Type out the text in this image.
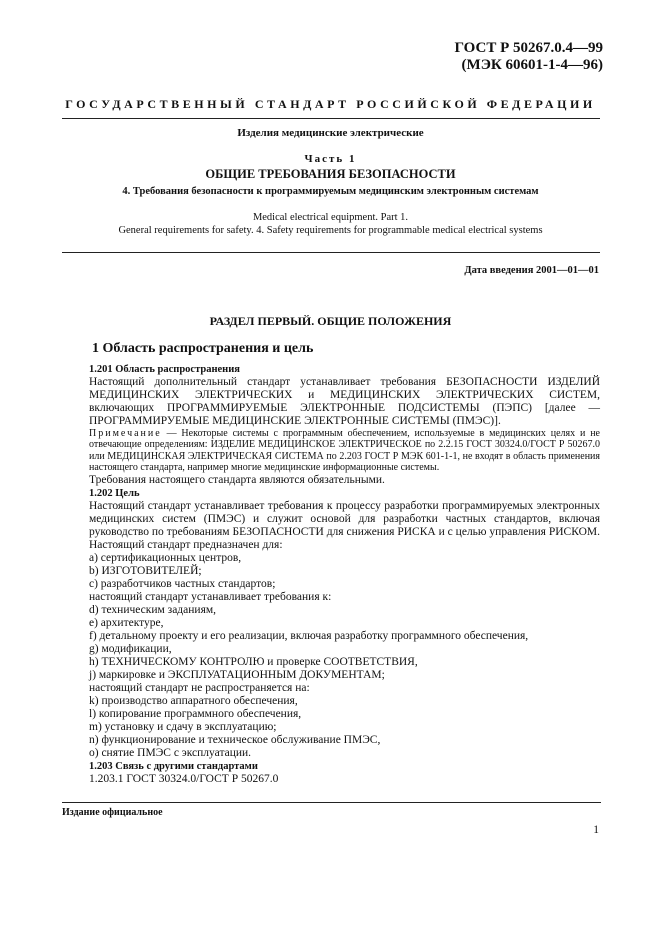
ГОСТ Р 50267.0.4—99
(МЭК 60601-1-4—96)
ГОСУДАРСТВЕННЫЙ СТАНДАРТ РОССИЙСКОЙ ФЕДЕРАЦИИ
Изделия медицинские электрические
Часть 1
ОБЩИЕ ТРЕБОВАНИЯ БЕЗОПАСНОСТИ
4. Требования безопасности к программируемым медицинским электронным системам
Medical electrical equipment. Part 1.
General requirements for safety. 4. Safety requirements for programmable medical electrical systems
Дата введения 2001—01—01
РАЗДЕЛ ПЕРВЫЙ. ОБЩИЕ ПОЛОЖЕНИЯ
1 Область распространения и цель

1.201 Область распространения

Настоящий дополнительный стандарт устанавливает требования БЕЗОПАСНОСТИ ИЗДЕЛИЙ МЕДИЦИНСКИХ ЭЛЕКТРИЧЕСКИХ и МЕДИЦИНСКИХ ЭЛЕКТРИЧЕСКИХ СИСТЕМ, включающих ПРОГРАММИРУЕМЫЕ ЭЛЕКТРОННЫЕ ПОДСИСТЕМЫ (ПЭПС) [далее — ПРОГРАММИРУЕМЫЕ МЕДИЦИНСКИЕ ЭЛЕКТРОННЫЕ СИСТЕМЫ (ПМЭС)].

Примечание — Некоторые системы с программным обеспечением, используемые в медицинских целях и не отвечающие определениям: ИЗДЕЛИЕ МЕДИЦИНСКОЕ ЭЛЕКТРИЧЕСКОЕ по 2.2.15 ГОСТ 30324.0/ГОСТ Р 50267.0 или МЕДИЦИНСКАЯ ЭЛЕКТРИЧЕСКАЯ СИСТЕМА по 2.203 ГОСТ Р МЭК 601-1-1, не входят в область применения настоящего стандарта, например многие медицинские информационные системы.

Требования настоящего стандарта являются обязательными.

1.202 Цель

Настоящий стандарт устанавливает требования к процессу разработки программируемых электронных медицинских систем (ПМЭС) и служит основой для разработки частных стандартов, включая руководство по требованиям БЕЗОПАСНОСТИ для снижения РИСКА и с целью управления РИСКОМ. Настоящий стандарт предназначен для:

a) сертификационных центров,

b) ИЗГОТОВИТЕЛЕЙ;

c) разработчиков частных стандартов;

настоящий стандарт устанавливает требования к:

d) техническим заданиям,

e) архитектуре,

f) детальному проекту и его реализации, включая разработку программного обеспечения,

g) модификации,

h) ТЕХНИЧЕСКОМУ КОНТРОЛЮ и проверке СООТВЕТСТВИЯ,

j) маркировке и ЭКСПЛУАТАЦИОННЫМ ДОКУМЕНТАМ;

настоящий стандарт не распространяется на:

k) производство аппаратного обеспечения,

l) копирование программного обеспечения,

m) установку и сдачу в эксплуатацию;

n) функционирование и техническое обслуживание ПМЭС,

o) снятие ПМЭС с эксплуатации.

1.203 Связь с другими стандартами

1.203.1 ГОСТ 30324.0/ГОСТ Р 50267.0

Издание официальное
1
